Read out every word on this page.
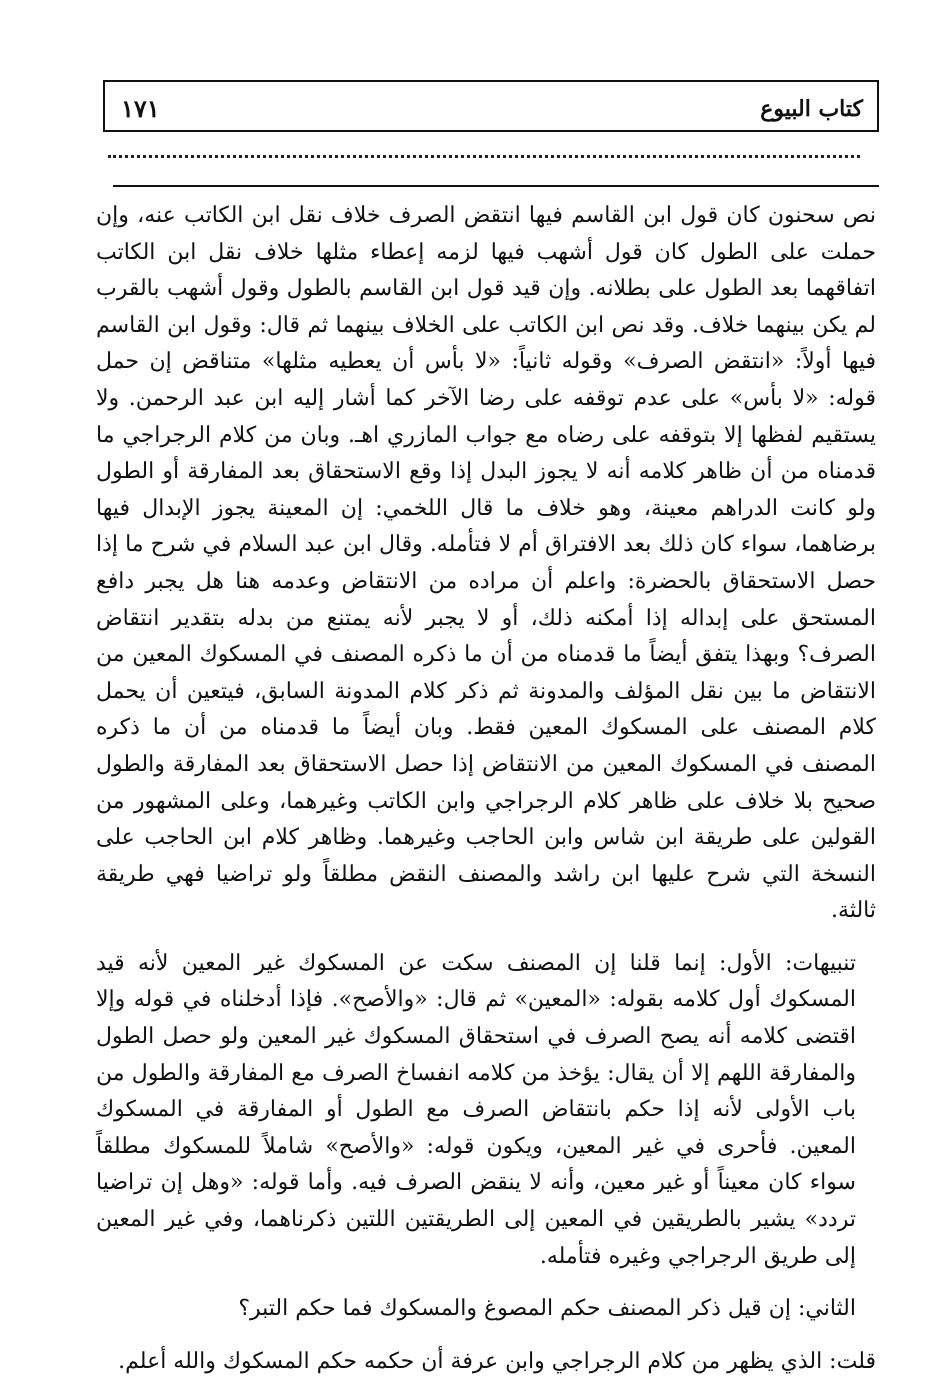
كتاب البيوع
١٧١

نص سحنون كان قول ابن القاسم فيها انتقض الصرف خلاف نقل ابن الكاتب عنه، وإن حملت على الطول كان قول أشهب فيها لزمه إعطاء مثلها خلاف نقل ابن الكاتب اتفاقهما بعد الطول على بطلانه. وإن قيد قول ابن القاسم بالطول وقول أشهب بالقرب لم يكن بينهما خلاف. وقد نص ابن الكاتب على الخلاف بينهما ثم قال: وقول ابن القاسم فيها أولاً: «انتقض الصرف» وقوله ثانياً: «لا بأس أن يعطيه مثلها» متناقض إن حمل قوله: «لا بأس» على عدم توقفه على رضا الآخر كما أشار إليه ابن عبد الرحمن. ولا يستقيم لفظها إلا بتوقفه على رضاه مع جواب المازري اهـ. وبان من كلام الرجراجي ما قدمناه من أن ظاهر كلامه أنه لا يجوز البدل إذا وقع الاستحقاق بعد المفارقة أو الطول ولو كانت الدراهم معينة، وهو خلاف ما قال اللخمي: إن المعينة يجوز الإبدال فيها برضاهما، سواء كان ذلك بعد الافتراق أم لا فتأمله. وقال ابن عبد السلام في شرح ما إذا حصل الاستحقاق بالحضرة: واعلم أن مراده من الانتقاض وعدمه هنا هل يجبر دافع المستحق على إبداله إذا أمكنه ذلك، أو لا يجبر لأنه يمتنع من بدله بتقدير انتقاض الصرف؟ وبهذا يتفق أيضاً ما قدمناه من أن ما ذكره المصنف في المسكوك المعين من الانتقاض ما بين نقل المؤلف والمدونة ثم ذكر كلام المدونة السابق، فيتعين أن يحمل كلام المصنف على المسكوك المعين فقط. وبان أيضاً ما قدمناه من أن ما ذكره المصنف في المسكوك المعين من الانتقاض إذا حصل الاستحقاق بعد المفارقة والطول صحيح بلا خلاف على ظاهر كلام الرجراجي وابن الكاتب وغيرهما، وعلى المشهور من القولين على طريقة ابن شاس وابن الحاجب وغيرهما. وظاهر كلام ابن الحاجب على النسخة التي شرح عليها ابن راشد والمصنف النقض مطلقاً ولو تراضيا فهي طريقة ثالثة.

تنبيهات: الأول: إنما قلنا إن المصنف سكت عن المسكوك غير المعين لأنه قيد المسكوك أول كلامه بقوله: «المعين» ثم قال: «والأصح». فإذا أدخلناه في قوله وإلا اقتضى كلامه أنه يصح الصرف في استحقاق المسكوك غير المعين ولو حصل الطول والمفارقة اللهم إلا أن يقال: يؤخذ من كلامه انفساخ الصرف مع المفارقة والطول من باب الأولى لأنه إذا حكم بانتقاض الصرف مع الطول أو المفارقة في المسكوك المعين. فأحرى في غير المعين، ويكون قوله: «والأصح» شاملاً للمسكوك مطلقاً سواء كان معيناً أو غير معين، وأنه لا ينقض الصرف فيه. وأما قوله: «وهل إن تراضيا تردد» يشير بالطريقين في المعين إلى الطريقتين اللتين ذكرناهما، وفي غير المعين إلى طريق الرجراجي وغيره فتأمله.

الثاني: إن قيل ذكر المصنف حكم المصوغ والمسكوك فما حكم التبر؟

قلت: الذي يظهر من كلام الرجراجي وابن عرفة أن حكمه حكم المسكوك والله أعلم.
